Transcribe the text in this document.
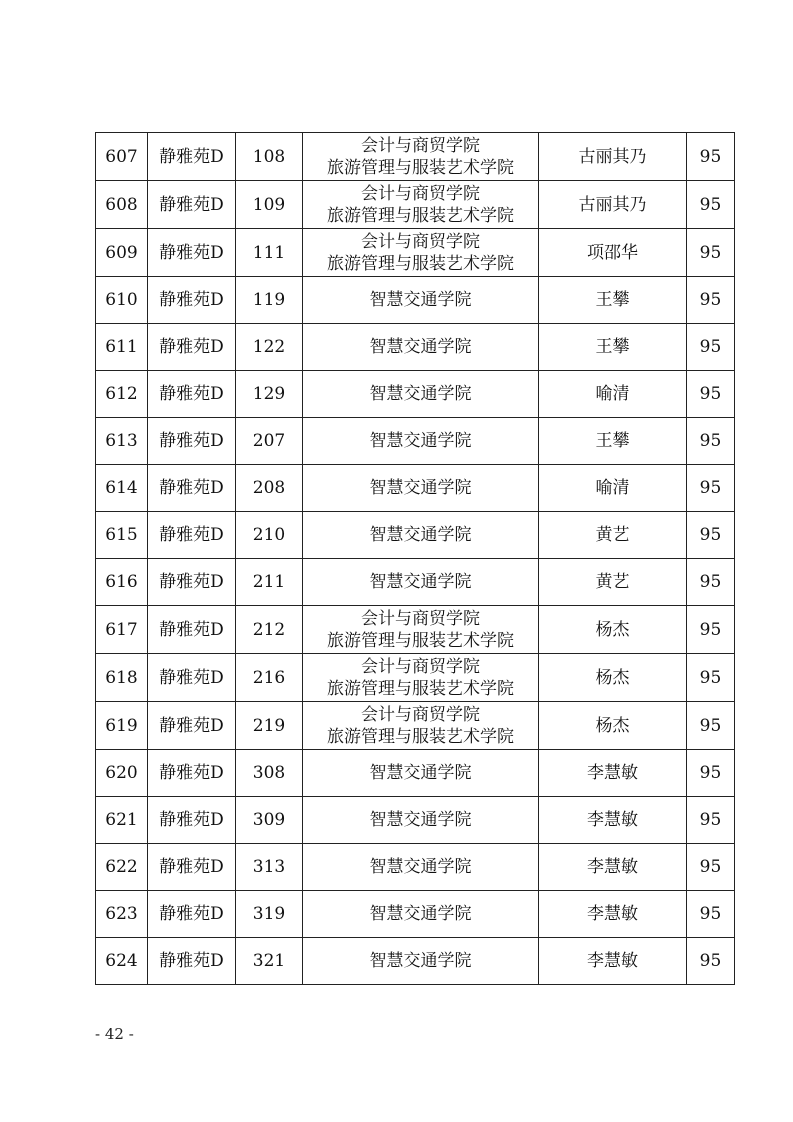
607	静雅苑D	108	会计与商贸学院
旅游管理与服装艺术学院	古丽其乃	95
608	静雅苑D	109	会计与商贸学院
旅游管理与服装艺术学院	古丽其乃	95
609	静雅苑D	111	会计与商贸学院
旅游管理与服装艺术学院	项邵华	95
610	静雅苑D	119	智慧交通学院	王攀	95
611	静雅苑D	122	智慧交通学院	王攀	95
612	静雅苑D	129	智慧交通学院	喻清	95
613	静雅苑D	207	智慧交通学院	王攀	95
614	静雅苑D	208	智慧交通学院	喻清	95
615	静雅苑D	210	智慧交通学院	黄艺	95
616	静雅苑D	211	智慧交通学院	黄艺	95
617	静雅苑D	212	会计与商贸学院
旅游管理与服装艺术学院	杨杰	95
618	静雅苑D	216	会计与商贸学院
旅游管理与服装艺术学院	杨杰	95
619	静雅苑D	219	会计与商贸学院
旅游管理与服装艺术学院	杨杰	95
620	静雅苑D	308	智慧交通学院	李慧敏	95
621	静雅苑D	309	智慧交通学院	李慧敏	95
622	静雅苑D	313	智慧交通学院	李慧敏	95
623	静雅苑D	319	智慧交通学院	李慧敏	95
624	静雅苑D	321	智慧交通学院	李慧敏	95
- 42 -
